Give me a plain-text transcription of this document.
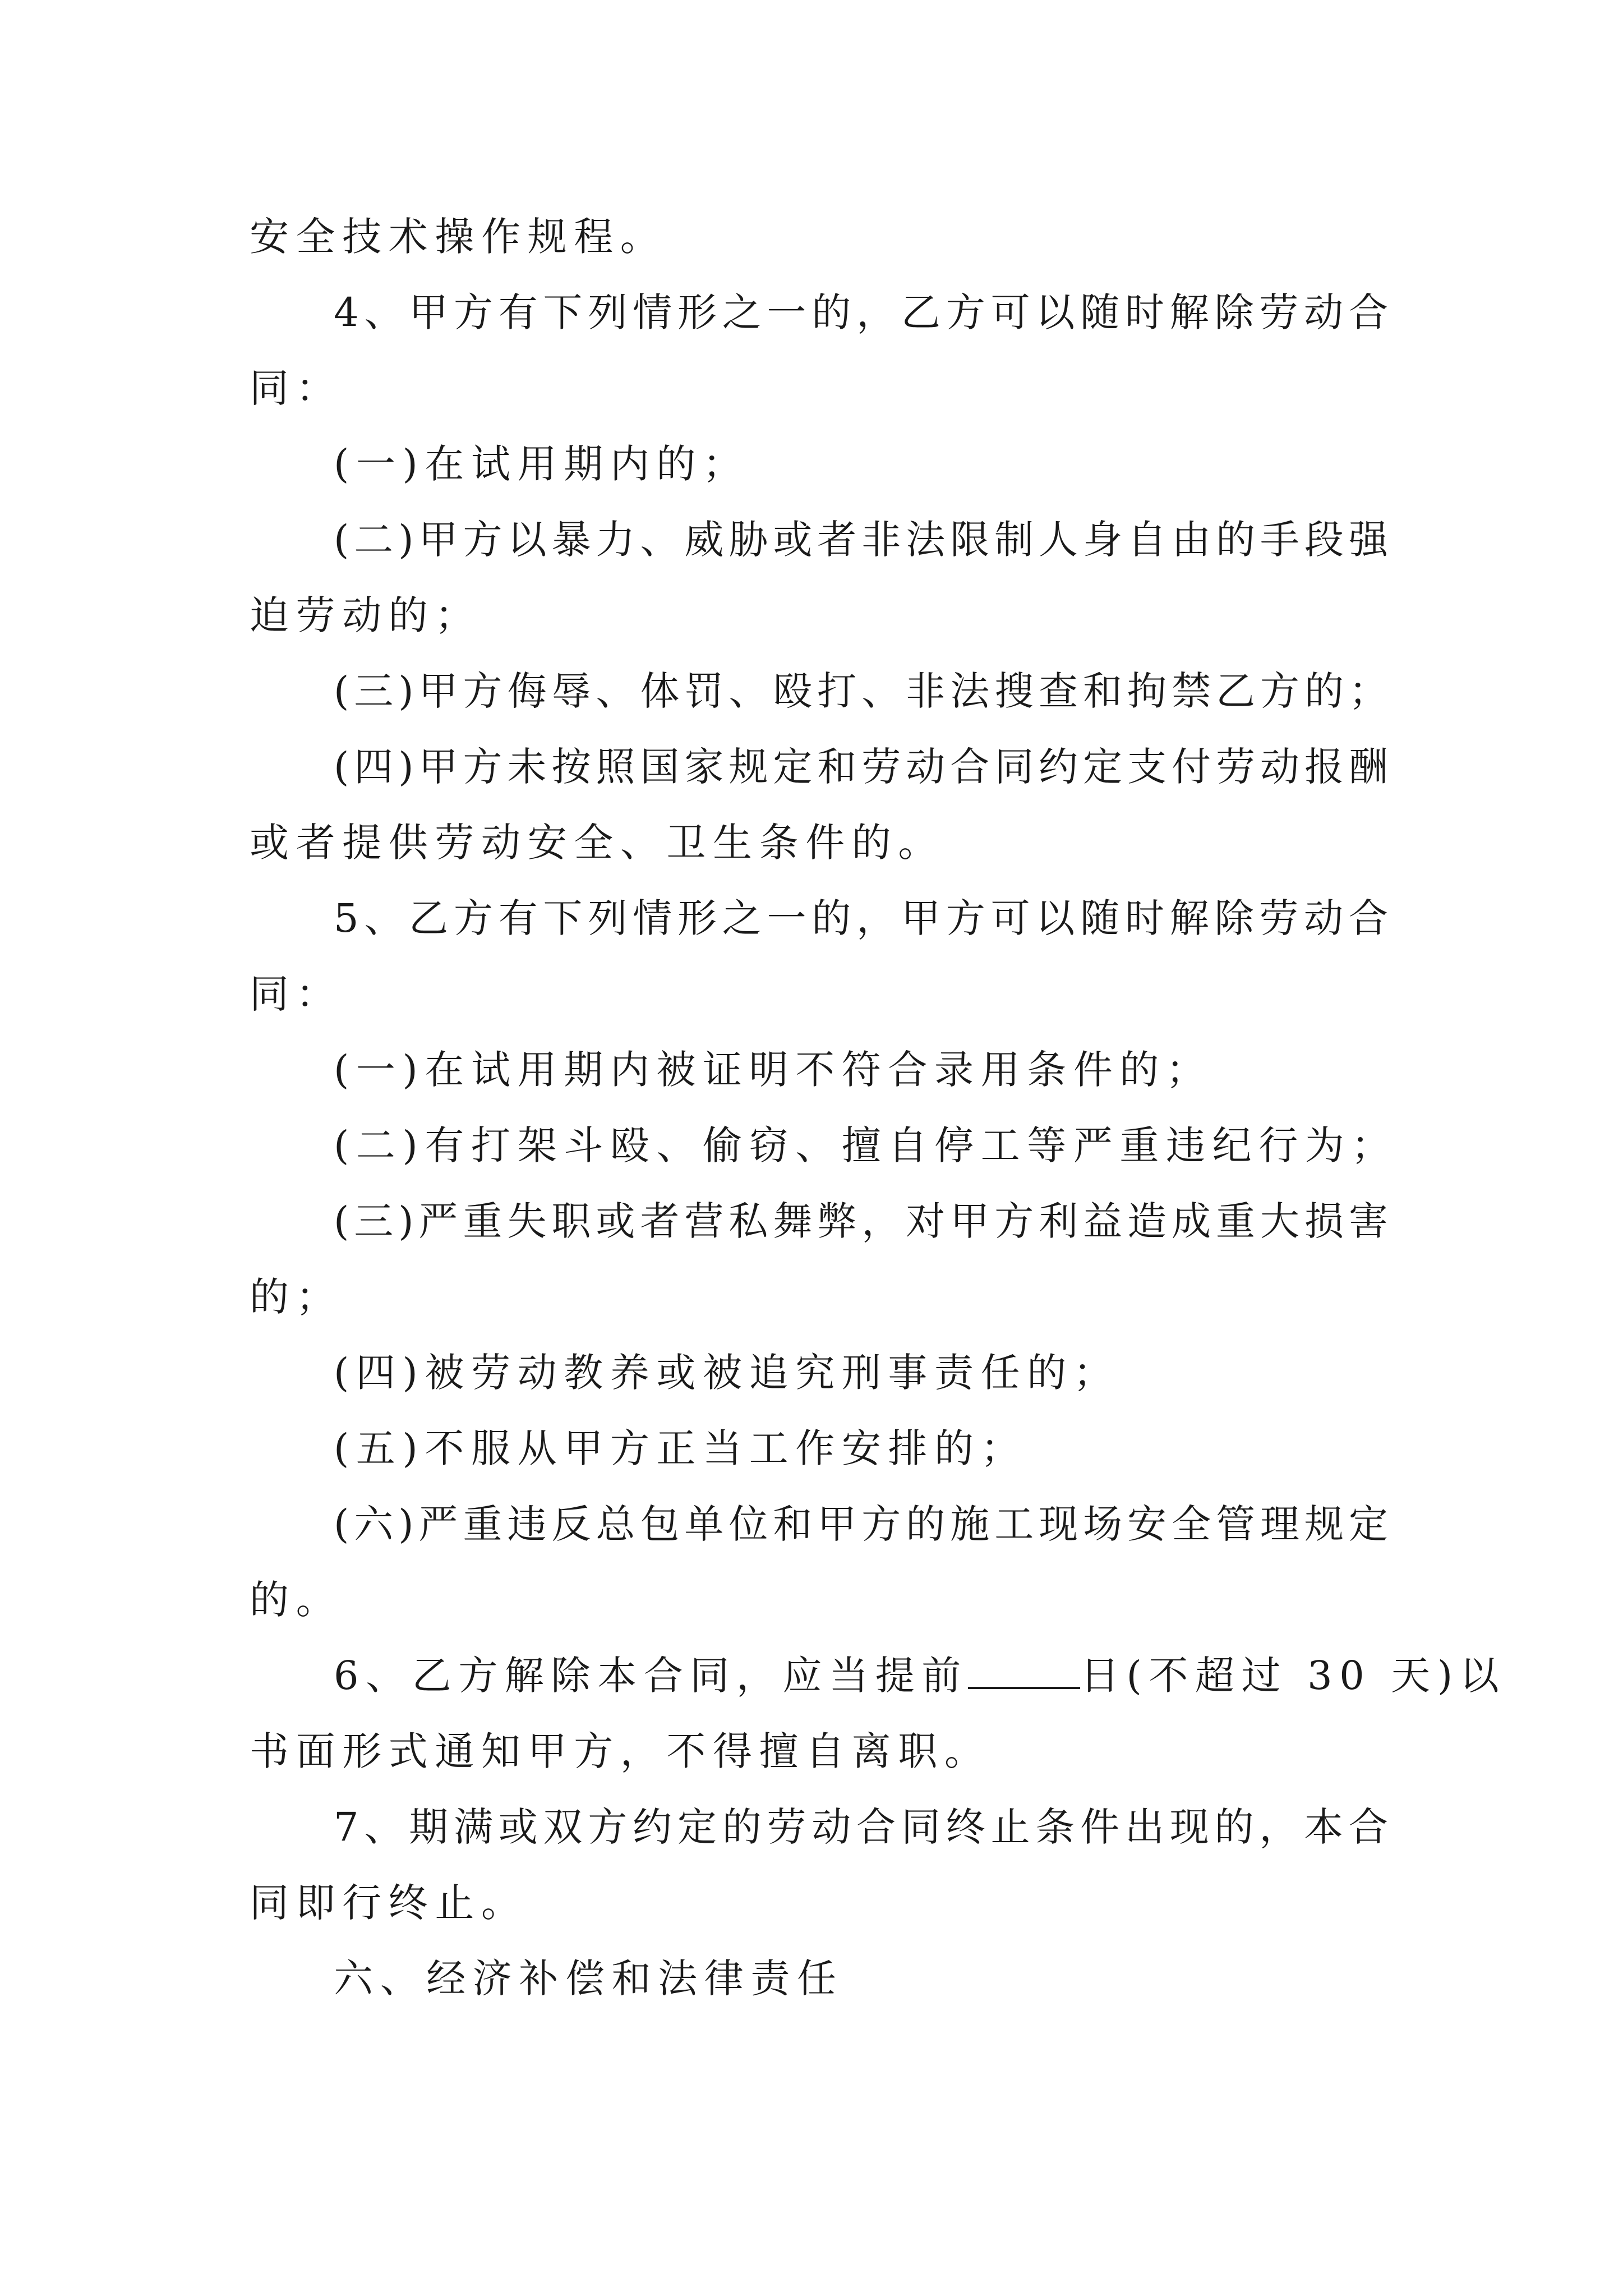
安全技术操作规程。
4、甲方有下列情形之一的，乙方可以随时解除劳动合
同：
(一)在试用期内的；
(二)甲方以暴力、威胁或者非法限制人身自由的手段强
迫劳动的；
(三)甲方侮辱、体罚、殴打、非法搜查和拘禁乙方的；
(四)甲方未按照国家规定和劳动合同约定支付劳动报酬
或者提供劳动安全、卫生条件的。
5、乙方有下列情形之一的，甲方可以随时解除劳动合
同：
(一)在试用期内被证明不符合录用条件的；
(二)有打架斗殴、偷窃、擅自停工等严重违纪行为；
(三)严重失职或者营私舞弊，对甲方利益造成重大损害
的；
(四)被劳动教养或被追究刑事责任的；
(五)不服从甲方正当工作安排的；
(六)严重违反总包单位和甲方的施工现场安全管理规定
的。
6、乙方解除本合同，应当提前	日(不超过 30 天)以
书面形式通知甲方，不得擅自离职。
7、期满或双方约定的劳动合同终止条件出现的，本合
同即行终止。
六、经济补偿和法律责任
